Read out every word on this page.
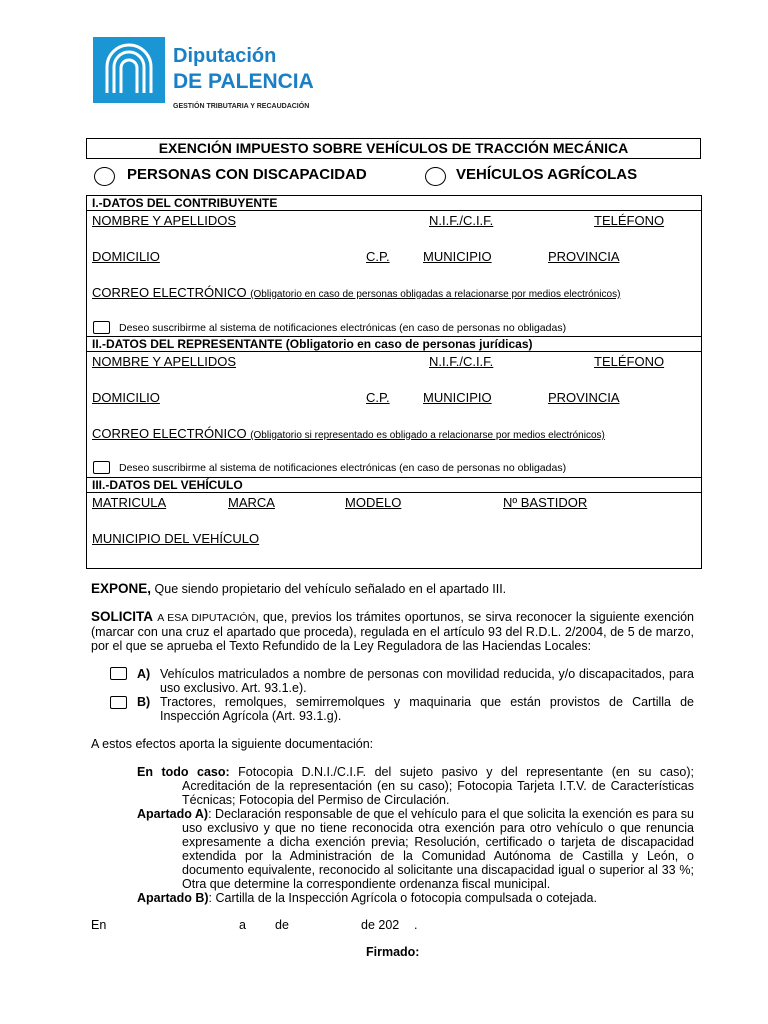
Diputación
DE PALENCIA
GESTIÓN TRIBUTARIA Y RECAUDACIÓN
EXENCIÓN IMPUESTO SOBRE VEHÍCULOS DE TRACCIÓN MECÁNICA
PERSONAS CON DISCAPACIDAD	VEHÍCULOS AGRÍCOLAS
I.-DATOS DEL CONTRIBUYENTE
NOMBRE Y APELLIDOS	N.I.F./C.I.F.	TELÉFONO
DOMICILIO	C.P.	MUNICIPIO	PROVINCIA
CORREO ELECTRÓNICO (Obligatorio en caso de personas obligadas a relacionarse por medios electrónicos)
Deseo suscribirme al sistema de notificaciones electrónicas (en caso de personas no obligadas)
II.-DATOS DEL REPRESENTANTE (Obligatorio en caso de personas jurídicas)
NOMBRE Y APELLIDOS	N.I.F./C.I.F.	TELÉFONO
DOMICILIO	C.P.	MUNICIPIO	PROVINCIA
CORREO ELECTRÓNICO (Obligatorio si representado es obligado a relacionarse por medios electrónicos)
Deseo suscribirme al sistema de notificaciones electrónicas (en caso de personas no obligadas)
III.-DATOS DEL VEHÍCULO
MATRICULA	MARCA	MODELO	Nº BASTIDOR
MUNICIPIO DEL VEHÍCULO
EXPONE, Que siendo propietario del vehículo señalado en el apartado III.
SOLICITA A ESA DIPUTACIÓN, que, previos los trámites oportunos, se sirva reconocer la siguiente exención (marcar con una cruz el apartado que proceda), regulada en el artículo 93 del R.D.L. 2/2004, de 5 de marzo, por el que se aprueba el Texto Refundido de la Ley Reguladora de las Haciendas Locales:
A) Vehículos matriculados a nombre de personas con movilidad reducida, y/o discapacitados, para uso exclusivo. Art. 93.1.e).
B) Tractores, remolques, semirremolques y maquinaria que están provistos de Cartilla de Inspección Agrícola (Art. 93.1.g).
A estos efectos aporta la siguiente documentación:
En todo caso: Fotocopia D.N.I./C.I.F. del sujeto pasivo y del representante (en su caso); Acreditación de la representación (en su caso); Fotocopia Tarjeta I.T.V. de Características Técnicas; Fotocopia del Permiso de Circulación.
Apartado A): Declaración responsable de que el vehículo para el que solicita la exención es para su uso exclusivo y que no tiene reconocida otra exención para otro vehículo o que renuncia expresamente a dicha exención previa; Resolución, certificado o tarjeta de discapacidad extendida por la Administración de la Comunidad Autónoma de Castilla y León, o documento equivalente, reconocido al solicitante una discapacidad igual o superior al 33 %; Otra que determine la correspondiente ordenanza fiscal municipal.
Apartado B): Cartilla de la Inspección Agrícola o fotocopia compulsada o cotejada.
En	a de	de 202 .
Firmado:
